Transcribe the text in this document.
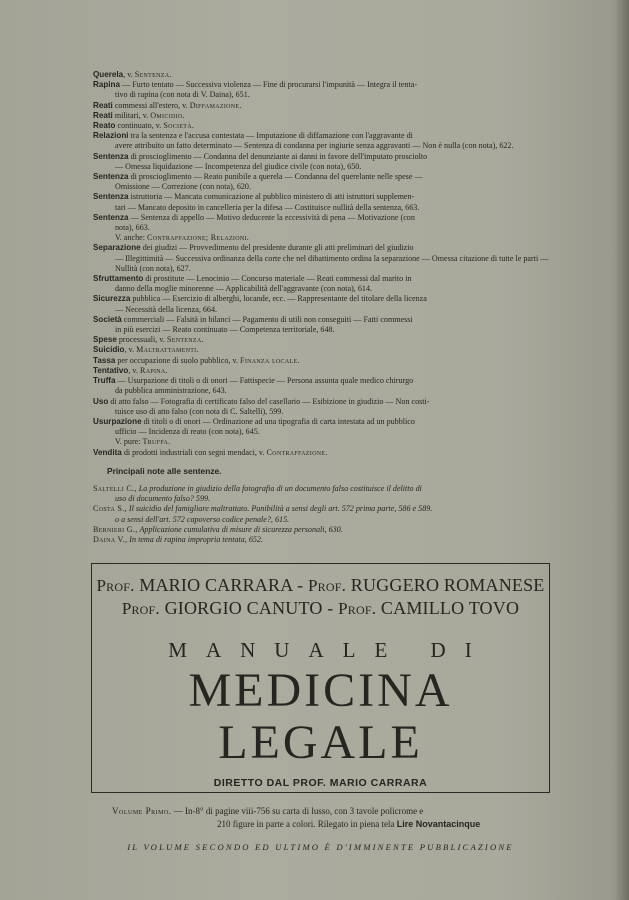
Querela, v. Sentenza.
Rapina — Furto tentato — Successiva violenza — Fine di procurarsi l'impunità — Integra il tenta-
tivo di rapina (con nota di V. Daina), 651.
Reati commessi all'estero, v. Diffamazione.
Reati militari, v. Omicidio.
Reato continuato, v. Società.
Relazioni tra la sentenza e l'accusa contestata — Imputazione di diffamazione con l'aggravante di
avere attribuito un fatto determinato — Sentenza di condanna per ingiurie senza aggravanti — Non è nulla (con nota), 622.
Sentenza di proscioglimento — Condanna del denunziante ai danni in favore dell'imputato prosciolto
— Omessa liquidazione — Incompetenza del giudice civile (con nota), 650.
Sentenza di proscioglimento — Reato punibile a querela — Condanna del querelante nelle spese —
Omissione — Correzione (con nota), 620.
Sentenza istruttoria — Mancata comunicazione al pubblico ministero di atti istruttori supplemen-
tari — Mancato deposito in cancelleria per la difesa — Costituisce nullità della sentenza, 663.
Sentenza — Sentenza di appello — Motivo deducente la eccessività di pena — Motivazione (con
nota), 663.
V. anche: Contraffazione; Relazioni.
Separazione dei giudizi — Provvedimento del presidente durante gli atti preliminari del giudizio
— Illegittimità — Successiva ordinanza della corte che nel dibattimento ordina la separazione — Omessa citazione di tutte le parti — Nullità (con nota), 627.
Sfruttamento di prostitute — Lenocinio — Concorso materiale — Reati commessi dal marito in
danno della moglie minorenne — Applicabilità dell'aggravante (con nota), 614.
Sicurezza pubblica — Esercizio di alberghi, locande, ecc. — Rappresentante del titolare della licenza
— Necessità della licenza, 664.
Società commerciali — Falsità in bilanci — Pagamento di utili non conseguiti — Fatti commessi
in più esercizi — Reato continuato — Competenza territoriale, 648.
Spese processuali, v. Sentenza.
Suicidio, v. Maltrattamenti.
Tassa per occupazione di suolo pubblico, v. Finanza locale.
Tentativo, v. Rapina.
Truffa — Usurpazione di titoli o di onori — Fattispecie — Persona assunta quale medico chirurgo
da pubblica amministrazione, 643.
Uso di atto falso — Fotografia di certificato falso del casellario — Esibizione in giudizio — Non costi-
tuisce uso di atto falso (con nota di C. Saltelli), 599.
Usurpazione di titoli o di onori — Ordinazione ad una tipografia di carta intestata ad un pubblico
ufficio — Incidenza di reato (con nota), 645.
V. pure: Truffa.
Vendita di prodotti industriali con segni mendaci, v. Contraffazione.
Principali note alle sentenze.
Saltelli C., La produzione in giudizio della fotografia di un documento falso costituisce il delitto di
uso di documento falso? 599.
Costa S., Il suicidio del famigliare maltrattato. Punibilità a sensi degli art. 572 prima parte, 586 e 589.
o a sensi dell'art. 572 capoverso codice penale?, 615.
Bernieri G., Applicazione cumulativa di misure di sicurezza personali, 630.
Daina V., In tema di rapina impropria tentata, 652.
Prof. MARIO CARRARA - Prof. RUGGERO ROMANESE
Prof. GIORGIO CANUTO - Prof. CAMILLO TOVO
MANUALE DI
MEDICINA LEGALE
DIRETTO DAL PROF. MARIO CARRARA
Volume Primo. — In-8° di pagine viii-756 su carta di lusso, con 3 tavole policrome e
210 figure in parte a colori. Rilegato in piena tela Lire Novantacinque
IL VOLUME SECONDO ED ULTIMO È D'IMMINENTE PUBBLICAZIONE
